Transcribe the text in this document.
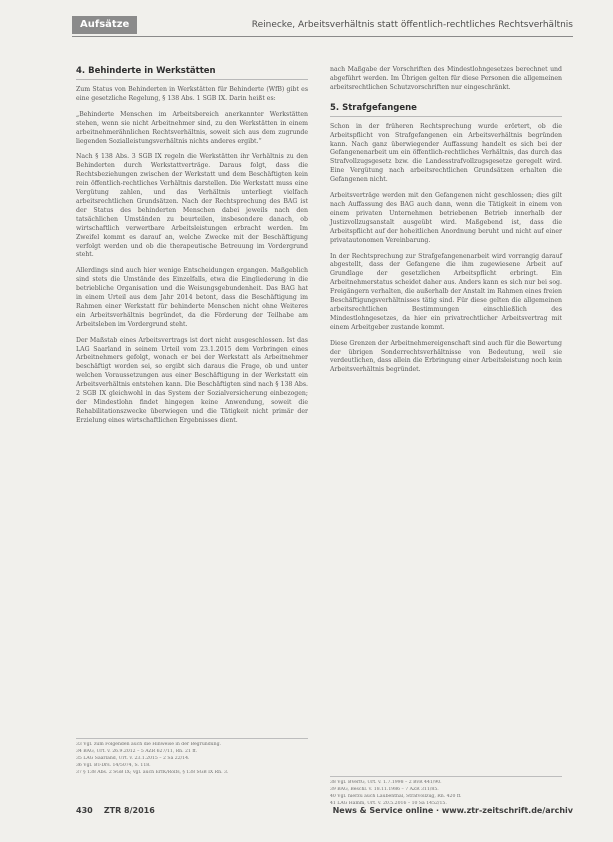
Aufsätze	Reinecke, Arbeitsverhältnis statt öffentlich-rechtliches Rechtsverhältnis
4. Behinderte in Werkstätten

Zum Status von Behinderten in Werkstätten für Behinderte (WfB) gibt es eine gesetzliche Regelung, § 138 Abs. 1 SGB IX. Darin heißt es:

„Behinderte Menschen im Arbeitsbereich anerkannter Werkstätten stehen, wenn sie nicht Arbeitnehmer sind, zu den Werkstätten in einem arbeitnehmerähnlichen Rechtsverhältnis, soweit sich aus dem zugrunde liegenden Sozialleistungsverhältnis nichts anderes ergibt.“

Nach § 138 Abs. 3 SGB IX regeln die Werkstätten ihr Verhältnis zu den Behinderten durch Werkstattverträge. Daraus folgt, dass die Rechtsbeziehungen zwischen der Werkstatt und dem Beschäftigten kein rein öffentlich-rechtliches Verhältnis darstellen. Die Werkstatt muss eine Vergütung zahlen, und das Verhältnis unterliegt vielfach arbeitsrechtlichen Grundsätzen. Nach der Rechtsprechung des BAG ist der Status des behinderten Menschen dabei jeweils nach den tatsächlichen Umständen zu beurteilen, insbesondere danach, ob wirtschaftlich verwertbare Arbeitsleistungen erbracht werden. Im Zweifel kommt es darauf an, welche Zwecke mit der Beschäftigung verfolgt werden und ob die therapeutische Betreuung im Vordergrund steht.

Allerdings sind auch hier wenige Entscheidungen ergangen. Maßgeblich sind stets die Umstände des Einzelfalls, etwa die Eingliederung in die betriebliche Organisation und die Weisungsgebundenheit. Das BAG hat in einem Urteil aus dem Jahr 2014 betont, dass die Beschäftigung im Rahmen einer Werkstatt für behinderte Menschen nicht ohne Weiteres ein Arbeitsverhältnis begründet, da die Förderung der Teilhabe am Arbeitsleben im Vordergrund steht.

Der Maßstab eines Arbeitsvertrags ist dort nicht ausgeschlossen. Ist das LAG Saarland in seinem Urteil vom 23.1.2015 dem Vorbringen eines Arbeitnehmers gefolgt, wonach er bei der Werkstatt als Arbeitnehmer beschäftigt worden sei, so ergibt sich daraus die Frage, ob und unter welchen Voraussetzungen aus einer Beschäftigung in der Werkstatt ein Arbeitsverhältnis entstehen kann. Die Beschäftigten sind nach § 138 Abs. 2 SGB IX gleichwohl in das System der Sozialversicherung einbezogen; der Mindestlohn findet hingegen keine Anwendung, soweit die Rehabilitationszwecke überwiegen und die Tätigkeit nicht primär der Erzielung eines wirtschaftlichen Ergebnisses dient.

nach Maßgabe der Vorschriften des Mindestlohngesetzes berechnet und abgeführt werden. Im Übrigen gelten für diese Personen die allgemeinen arbeitsrechtlichen Schutzvorschriften nur eingeschränkt.

5. Strafgefangene

Schon in der früheren Rechtsprechung wurde erörtert, ob die Arbeitspflicht von Strafgefangenen ein Arbeitsverhältnis begründen kann. Nach ganz überwiegender Auffassung handelt es sich bei der Gefangenenarbeit um ein öffentlich-rechtliches Verhältnis, das durch das Strafvollzugsgesetz bzw. die Landesstrafvollzugsgesetze geregelt wird. Eine Vergütung nach arbeitsrechtlichen Grundsätzen erhalten die Gefangenen nicht.

Arbeitsverträge werden mit den Gefangenen nicht geschlossen; dies gilt nach Auffassung des BAG auch dann, wenn die Tätigkeit in einem von einem privaten Unternehmen betriebenen Betrieb innerhalb der Justizvollzugsanstalt ausgeübt wird. Maßgebend ist, dass die Arbeitspflicht auf der hoheitlichen Anordnung beruht und nicht auf einer privatautonomen Vereinbarung.

In der Rechtsprechung zur Strafgefangenenarbeit wird vorrangig darauf abgestellt, dass der Gefangene die ihm zugewiesene Arbeit auf Grundlage der gesetzlichen Arbeitspflicht erbringt. Ein Arbeitnehmerstatus scheidet daher aus. Anders kann es sich nur bei sog. Freigängern verhalten, die außerhalb der Anstalt im Rahmen eines freien Beschäftigungsverhältnisses tätig sind. Für diese gelten die allgemeinen arbeitsrechtlichen Bestimmungen einschließlich des Mindestlohngesetzes, da hier ein privatrechtlicher Arbeitsvertrag mit einem Arbeitgeber zustande kommt.

Diese Grenzen der Arbeitnehmereigenschaft sind auch für die Bewertung der übrigen Sonderrechtsverhältnisse von Bedeutung, weil sie verdeutlichen, dass allein die Erbringung einer Arbeitsleistung noch kein Arbeitsverhältnis begründet.

33 Vgl. zum Folgenden auch die Hinweise in der Begründung.
34 BAG, Urt. v. 26.9.2012 – 5 AZR 627/11, Rn. 21 ff.
35 LAG Saarland, Urt. v. 23.1.2015 – 2 Sa 22/14.
36 Vgl. BT-Drs. 14/5074, S. 118.
37 § 138 Abs. 2 SGB IX; vgl. auch ErfK/Rolfs, § 138 SGB IX Rn. 3.
38 Vgl. BVerfG, Urt. v. 1.7.1998 – 2 BvR 441/90.
39 BAG, Beschl. v. 18.11.1986 – 7 AZR 311/85.
40 Vgl. hierzu auch Laubenthal, Strafvollzug, Rn. 420 ff.
41 LAG Hamm, Urt. v. 20.5.2016 – 10 Sa 1452/15.
430 ZTR 8/2016	News & Service online · www.ztr-zeitschrift.de/archiv
